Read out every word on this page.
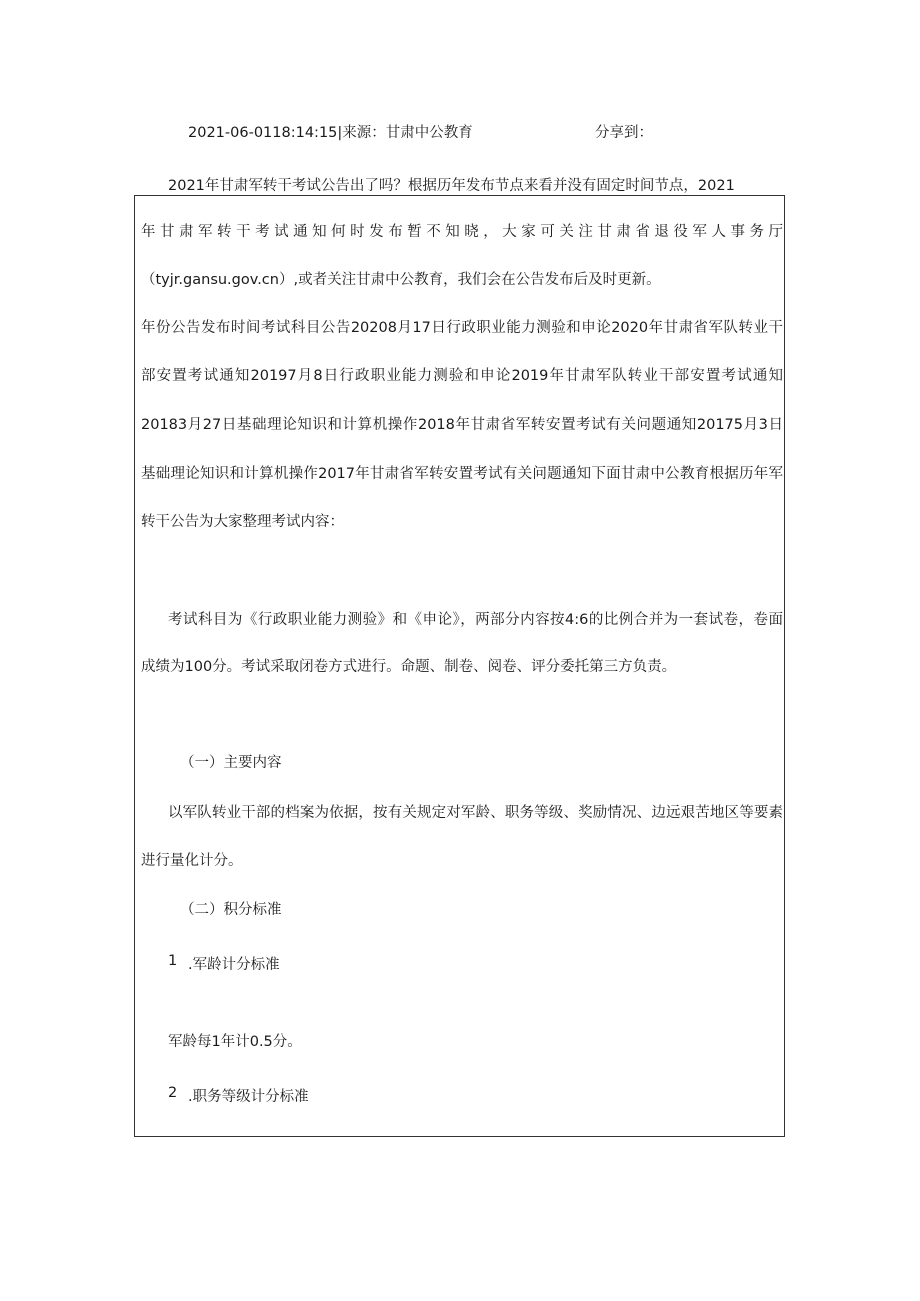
2021-06-0118:14:15|来源：甘肃中公教育	分享到：
2021年甘肃军转干考试公告出了吗？根据历年发布节点来看并没有固定时间节点，2021
年甘肃军转干考试通知何时发布暂不知晓，大家可关注甘肃省退役军人事务厅
（tyjr.gansu.gov.cn）,或者关注甘肃中公教育，我们会在公告发布后及时更新。
年份公告发布时间考试科目公告20208月17日行政职业能力测验和申论2020年甘肃省军队转业干
部安置考试通知20197月8日行政职业能力测验和申论2019年甘肃军队转业干部安置考试通知
20183月27日基础理论知识和计算机操作2018年甘肃省军转安置考试有关问题通知20175月3日
基础理论知识和计算机操作2017年甘肃省军转安置考试有关问题通知下面甘肃中公教育根据历年军
转干公告为大家整理考试内容：
考试科目为《行政职业能力测验》和《申论》，两部分内容按4:6的比例合并为一套试卷，卷面
成绩为100分。考试采取闭卷方式进行。命题、制卷、阅卷、评分委托第三方负责。
（一）主要内容
以军队转业干部的档案为依据，按有关规定对军龄、职务等级、奖励情况、边远艰苦地区等要素
进行量化计分。
（二）积分标准
1 .军龄计分标准
军龄每1年计0.5分。
2 .职务等级计分标准
